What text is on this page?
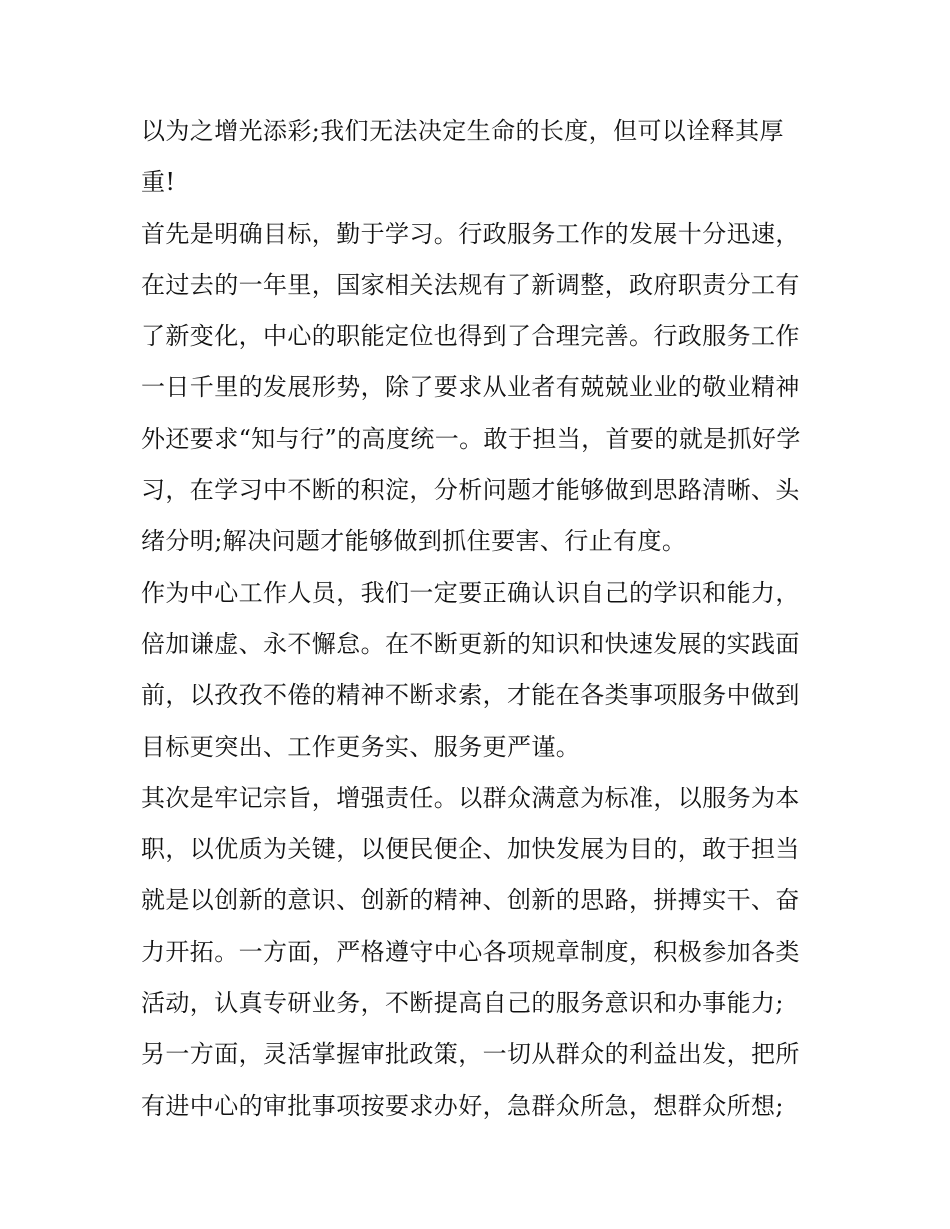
以为之增光添彩;我们无法决定生命的长度，但可以诠释其厚
重!
首先是明确目标，勤于学习。行政服务工作的发展十分迅速，
在过去的一年里，国家相关法规有了新调整，政府职责分工有
了新变化，中心的职能定位也得到了合理完善。行政服务工作
一日千里的发展形势，除了要求从业者有兢兢业业的敬业精神
外还要求“知与行”的高度统一。敢于担当，首要的就是抓好学
习，在学习中不断的积淀，分析问题才能够做到思路清晰、头
绪分明;解决问题才能够做到抓住要害、行止有度。
作为中心工作人员，我们一定要正确认识自己的学识和能力，
倍加谦虚、永不懈怠。在不断更新的知识和快速发展的实践面
前，以孜孜不倦的精神不断求索，才能在各类事项服务中做到
目标更突出、工作更务实、服务更严谨。
其次是牢记宗旨，增强责任。以群众满意为标准，以服务为本
职，以优质为关键，以便民便企、加快发展为目的，敢于担当
就是以创新的意识、创新的精神、创新的思路，拼搏实干、奋
力开拓。一方面，严格遵守中心各项规章制度，积极参加各类
活动，认真专研业务，不断提高自己的服务意识和办事能力;
另一方面，灵活掌握审批政策，一切从群众的利益出发，把所
有进中心的审批事项按要求办好，急群众所急，想群众所想;
